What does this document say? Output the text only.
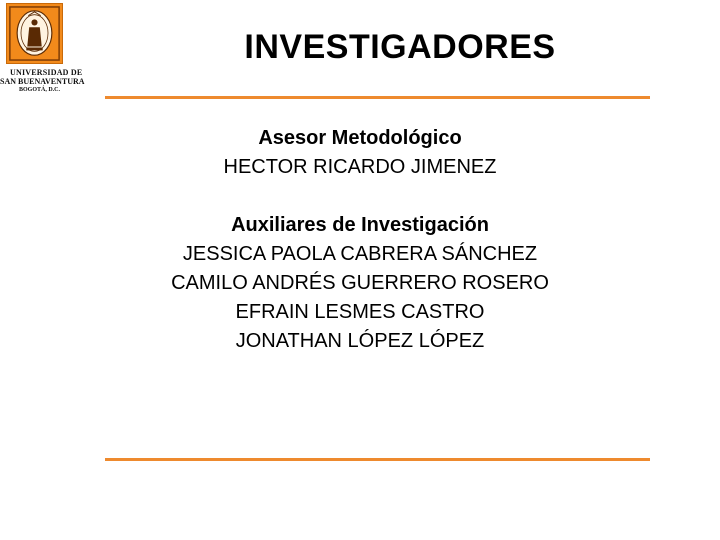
UNIVERSIDAD DE
SAN BUENAVENTURA
BOGOTÁ, D.C.
INVESTIGADORES
Asesor Metodológico
HECTOR RICARDO JIMENEZ
Auxiliares de Investigación
JESSICA PAOLA CABRERA SÁNCHEZ
CAMILO ANDRÉS GUERRERO ROSERO
EFRAIN LESMES CASTRO
JONATHAN LÓPEZ LÓPEZ
